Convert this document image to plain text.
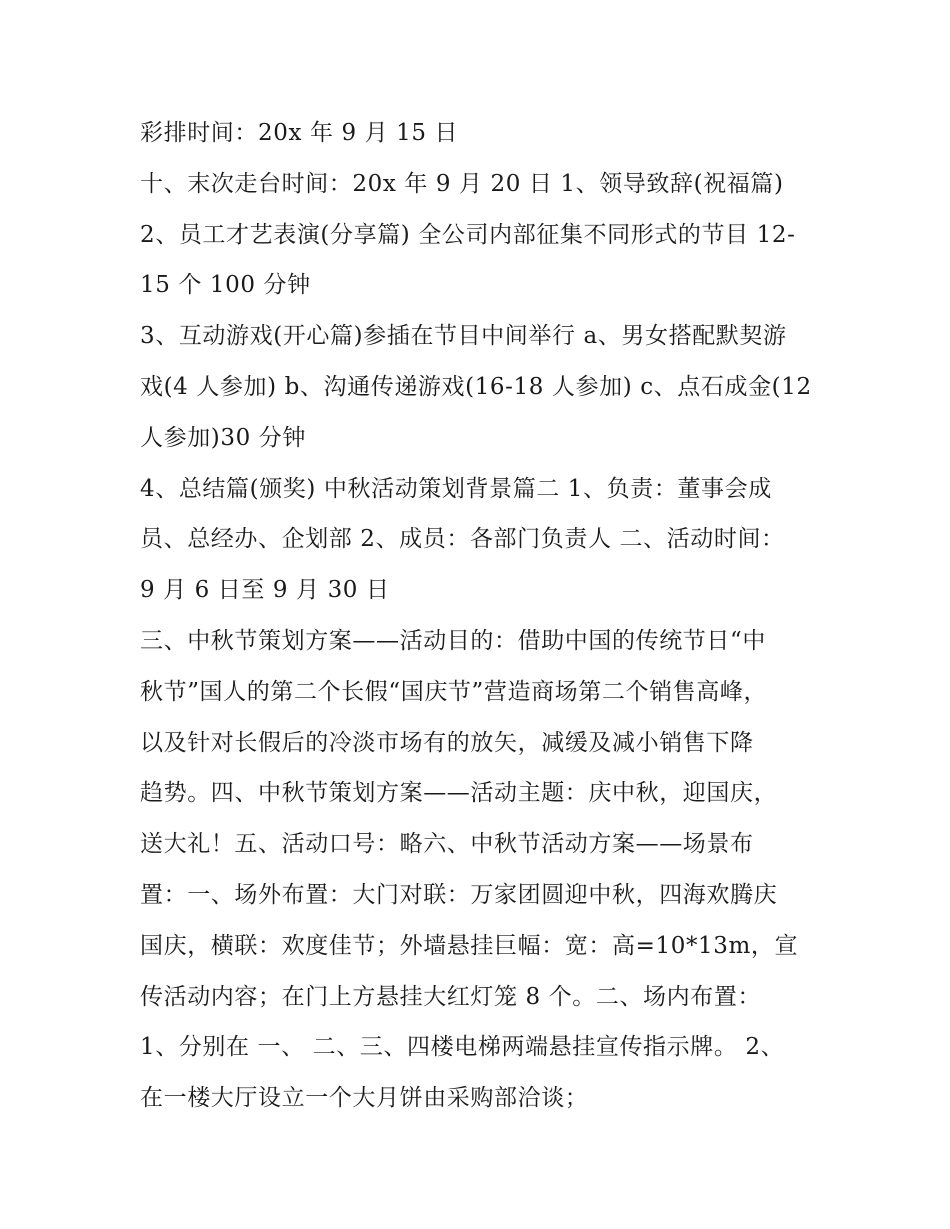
彩排时间：20x 年 9 月 15 日
十、末次走台时间：20x 年 9 月 20 日 1、领导致辞(祝福篇)
2、员工才艺表演(分享篇) 全公司内部征集不同形式的节目 12-
15 个 100 分钟
3、互动游戏(开心篇)参插在节目中间举行 a、男女搭配默契游
戏(4 人参加) b、沟通传递游戏(16-18 人参加) c、点石成金(12
人参加)30 分钟
4、总结篇(颁奖) 中秋活动策划背景篇二 1、负责：董事会成
员、总经办、企划部 2、成员：各部门负责人 二、活动时间：
9 月 6 日至 9 月 30 日
三、中秋节策划方案——活动目的：借助中国的传统节日“中
秋节”国人的第二个长假“国庆节”营造商场第二个销售高峰，
以及针对长假后的冷淡市场有的放矢，减缓及减小销售下降
趋势。四、中秋节策划方案——活动主题：庆中秋，迎国庆，
送大礼！五、活动口号：略六、中秋节活动方案——场景布
置：一、场外布置：大门对联：万家团圆迎中秋，四海欢腾庆
国庆，横联：欢度佳节；外墙悬挂巨幅：宽：高=10*13m，宣
传活动内容；在门上方悬挂大红灯笼 8 个。二、场内布置：
1、分别在 一、 二、三、四楼电梯两端悬挂宣传指示牌。 2、
在一楼大厅设立一个大月饼由采购部洽谈；
